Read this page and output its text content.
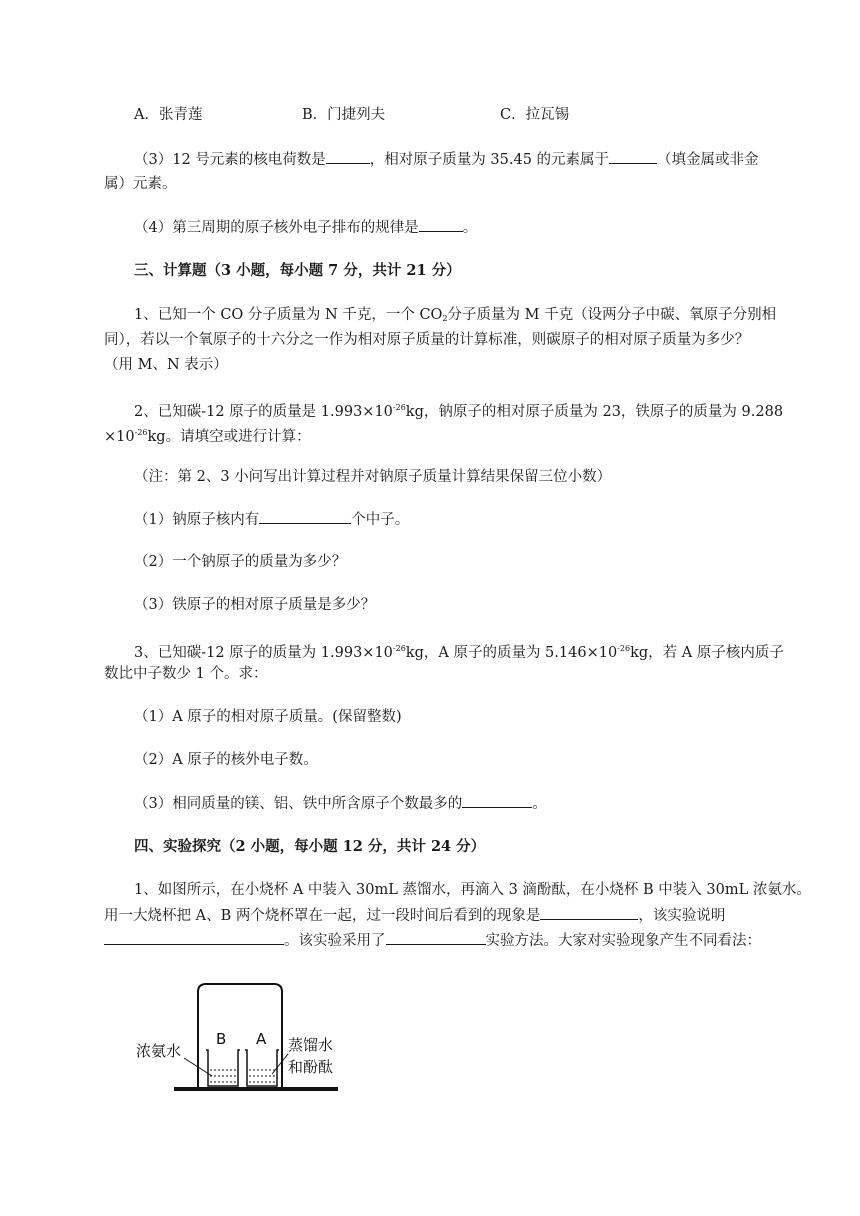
A．张青莲	B．门捷列夫	C．拉瓦锡
（3）12 号元素的核电荷数是	，相对原子质量为 35.45 的元素属于	（填金属或非金
属）元素。
（4）第三周期的原子核外电子排布的规律是	。
三、计算题（3 小题，每小题 7 分，共计 21 分）
1、已知一个 CO 分子质量为 N 千克，一个 $CO_2$分子质量为 M 千克（设两分子中碳、氧原子分别相
同），若以一个氧原子的十六分之一作为相对原子质量的计算标准，则碳原子的相对原子质量为多少？
（用 M、N 表示）
2、已知碳-12 原子的质量是 $1.993\times 10^{-26}kg$，钠原子的相对原子质量为 23，铁原子的质量为 9.288
$\times 10^{-26}kg$。请填空或进行计算：
（注：第 2、3 小问写出计算过程并对钠原子质量计算结果保留三位小数）
（1）钠原子核内有	个中子。
（2）一个钠原子的质量为多少？
（3）铁原子的相对原子质量是多少？
3、已知碳-12 原子的质量为 $1.993\times 10^{-26}kg$，A 原子的质量为 $5.146\times 10^{-26}kg$，若 A 原子核内质子
数比中子数少 1 个。求：
（1）A 原子的相对原子质量。(保留整数)
（2）A 原子的核外电子数。
（3）相同质量的镁、铝、铁中所含原子个数最多的	。
四、实验探究（2 小题，每小题 12 分，共计 24 分）
1、如图所示，在小烧杯 A 中装入 30mL 蒸馏水，再滴入 3 滴酚酞，在小烧杯 B 中装入 30mL 浓氨水。
用一大烧杯把 A、B 两个烧杯罩在一起，过一段时间后看到的现象是	，该实验说明
。该实验采用了	实验方法。大家对实验现象产生不同看法：
B A
浓氨水	蒸馏水
和酚酞
